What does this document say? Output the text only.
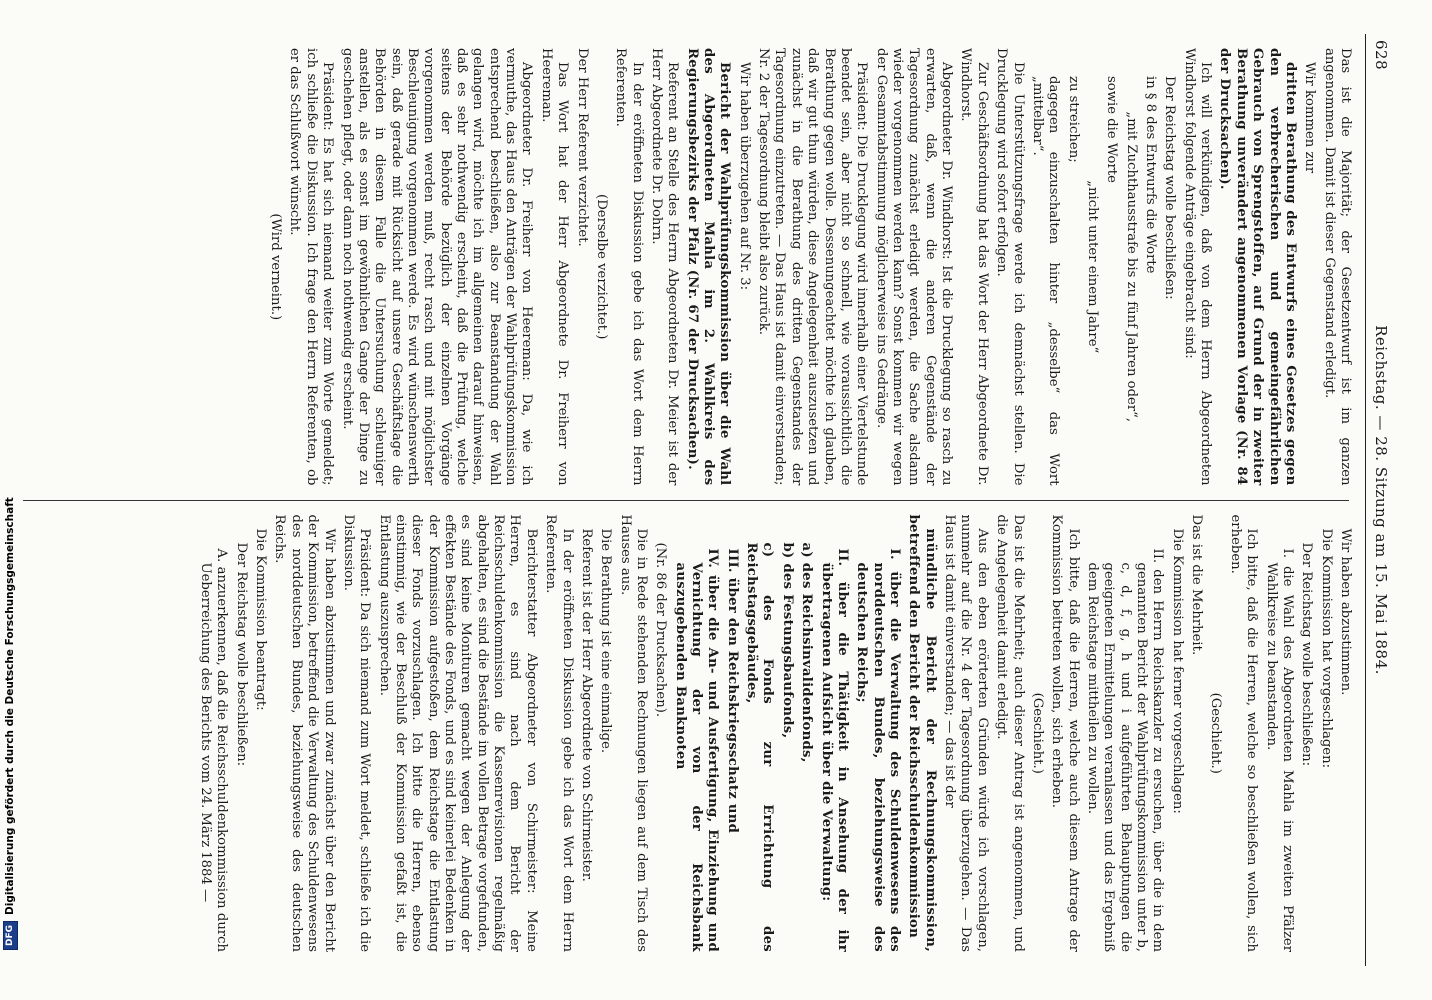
628
Reichstag. — 28. Sitzung am 15. Mai 1884.

Das ist die Majorität; der Gesetzentwurf ist im ganzen angenommen. Damit ist dieser Gegenstand erledigt.

Wir kommen zur

dritten Berathung des Entwurfs eines Gesetzes gegen den verbrecherischen und gemeingefährlichen Gebrauch von Sprengstoffen, auf Grund der in zweiter Berathung unverändert angenommenen Vorlage (Nr. 84 der Drucksachen).

Ich will verkündigen, daß von dem Herrn Abgeordneten Windhorst folgende Anträge eingebracht sind:

Der Reichstag wolle beschließen:

in § 8 des Entwurfs die Worte

„mit Zuchthausstrafe bis zu fünf Jahren oder“,

sowie die Worte

„nicht unter einem Jahre“

zu streichen;

dagegen einzuschalten hinter „desselbe“ das Wort „mittelbar“.

Die Unterstützungsfrage werde ich demnächst stellen. Die Drucklegung wird sofort erfolgen.

Zur Geschäftsordnung hat das Wort der Herr Abgeordnete Dr. Windhorst.

Abgeordneter Dr. Windhorst: Ist die Drucklegung so rasch zu erwarten, daß, wenn die anderen Gegenstände der Tagesordnung zunächst erledigt werden, die Sache alsdann wieder vorgenommen werden kann? Sonst kommen wir wegen der Gesammtabstimmung möglicherweise ins Gedränge.

Präsident: Die Drucklegung wird innerhalb einer Viertelstunde beendet sein, aber nicht so schnell, wie voraussichtlich die Berathung gegen wolle. Dessenungeachtet möchte ich glauben, daß wir gut thun würden, diese Angelegenheit auszusetzen und zunächst in die Berathung des dritten Gegenstandes der Tagesordnung einzutreten. — Das Haus ist damit einverstanden; Nr. 2 der Tagesordnung bleibt also zurück.

Wir haben überzugehen auf Nr. 3:

Bericht der Wahlprüfungskommission über die Wahl des Abgeordneten Mahla im 2. Wahlkreis des Regierungsbezirks der Pfalz (Nr. 67 der Drucksachen).

Referent an Stelle des Herrn Abgeordneten Dr. Meier ist der Herr Abgeordnete Dr. Dohrn.

In der eröffneten Diskussion gebe ich das Wort dem Herrn Referenten.

(Derselbe verzichtet.)

Der Herr Referent verzichtet.

Das Wort hat der Herr Abgeordnete Dr. Freiherr von Heereman.

Abgeordneter Dr. Freiherr von Heereman: Da, wie ich vermuthe, das Haus den Anträgen der Wahlprüfungskommission entsprechend beschließen, also zur Beanstandung der Wahl gelangen wird, möchte ich im allgemeinen darauf hinweisen, daß es sehr nothwendig erscheint, daß die Prüfung, welche seitens der Behörde bezüglich der einzelnen Vorgänge vorgenommen werden muß, recht rasch und mit möglichster Beschleunigung vorgenommen werde. Es wird wünschenswerth sein, daß gerade mit Rücksicht auf unsere Geschäftslage die Behörden in diesem Falle die Untersuchung schleuniger anstellen, als es sonst im gewöhnlichen Gange der Dinge zu geschehen pflegt, oder dann noch nothwendig erscheint.

Präsident: Es hat sich niemand weiter zum Worte gemeldet; ich schließe die Diskussion. Ich frage den Herrn Referenten, ob er das Schlußwort wünscht.

(Wird verneint.)

Wir haben abzustimmen.

Die Kommission hat vorgeschlagen:

Der Reichstag wolle beschließen:

I. die Wahl des Abgeordneten Mahla im zweiten Pfälzer Wahlkreise zu beanstanden.

Ich bitte, daß die Herren, welche so beschließen wollen, sich erheben.

(Geschieht.)

Das ist die Mehrheit.

Die Kommission hat ferner vorgeschlagen:

II. den Herrn Reichskanzler zu ersuchen, über die in dem genannten Bericht der Wahlprüfungskommission unter b, c, d, f, g, h und i aufgeführten Behauptungen die geeigneten Ermittelungen veranlassen und das Ergebniß dem Reichstage mittheilen zu wollen.

Ich bitte, daß die Herren, welche auch diesem Antrage der Kommission beitreten wollen, sich erheben.

(Geschieht.)

Das ist die Mehrheit; auch dieser Antrag ist angenommen, und die Angelegenheit damit erledigt.

Aus den eben erörterten Gründen würde ich vorschlagen, nunmehr auf die Nr. 4 der Tagesordnung überzugehen. — Das Haus ist damit einverstanden; — das ist der

mündliche Bericht der Rechnungskommission, betreffend den Bericht der Reichsschuldenkommission

I. über die Verwaltung des Schuldenwesens des norddeutschen Bundes, beziehungsweise des deutschen Reichs;

II. über die Thätigkeit in Ansehung der ihr übertragenen Aufsicht über die Verwaltung:

a) des Reichsinvalidenfonds,

b) des Festungsbaufonds,

c) des Fonds zur Errichtung des Reichstagsgebäudes,

III. über den Reichskriegsschatz und

IV. über die An- und Ausfertigung, Einziehung und Vernichtung der von der Reichsbank auszugebenden Banknoten

(Nr. 86 der Drucksachen).

Die in Rede stehenden Rechnungen liegen auf dem Tisch des Hauses aus.

Die Berathung ist eine einmalige.

Referent ist der Herr Abgeordnete von Schirmeister.

In der eröffneten Diskussion gebe ich das Wort dem Herrn Referenten.

Berichterstatter Abgeordneter von Schirmeister: Meine Herren, es sind nach dem Bericht der Reichsschuldenkommission die Kassenrevisionen regelmäßig abgehalten, es sind die Bestände im vollen Betrage vorgefunden, es sind keine Monituren gemacht wegen der Anlegung der effekten Bestände des Fonds, und es sind keinerlei Bedenken in der Kommission aufgestoßen, dem Reichstage die Entlastung dieser Fonds vorzuschlagen. Ich bitte die Herren, ebenso einstimmig, wie der Beschluß der Kommission gefaßt ist, die Entlastung auszusprechen.

Präsident: Da sich niemand zum Wort meldet, schließe ich die Diskussion.

Wir haben abzustimmen und zwar zunächst über den Bericht der Kommission, betreffend die Verwaltung des Schuldenwesens des norddeutschen Bundes, beziehungsweise des deutschen Reichs.

Die Kommission beantragt:

Der Reichstag wolle beschließen:

A. anzuerkennen, daß die Reichsschuldenkommission durch Ueberreichung des Berichts vom 24. März 1884 —

DFG
Digitalisierung gefördert durch die Deutsche Forschungsgemeinschaft
